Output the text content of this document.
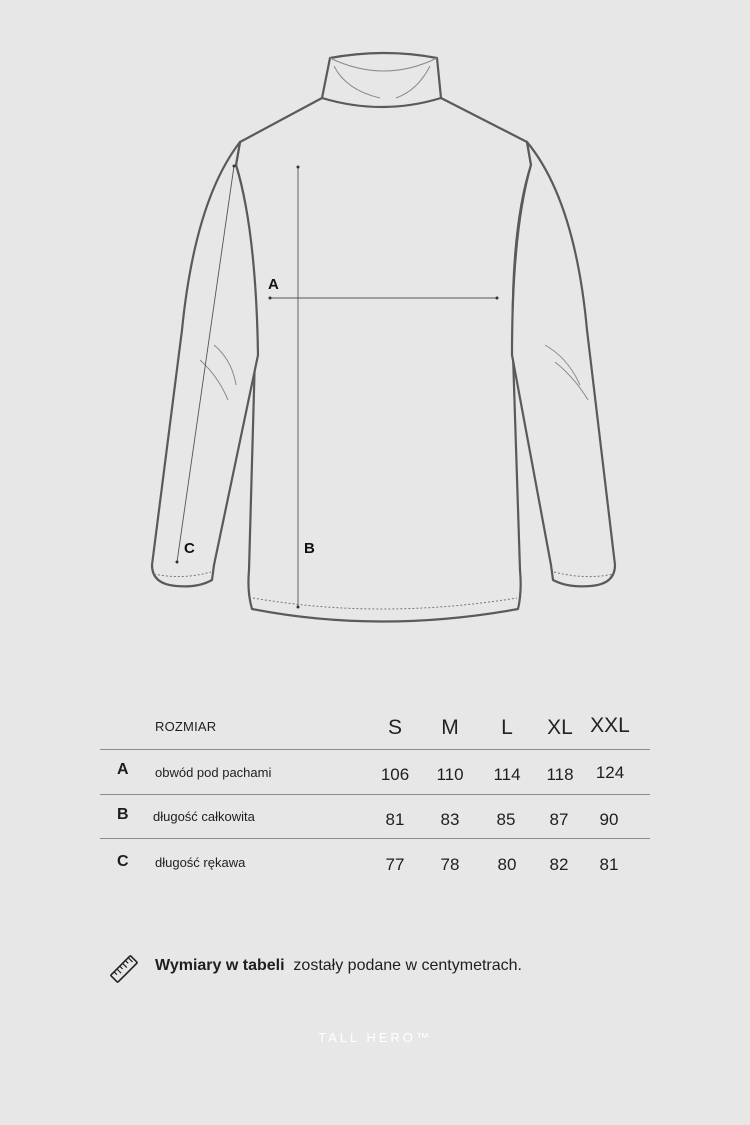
A
B
C
ROZMIAR	S	M	L	XL XXL
A obwód pod pachami	106	110	114	118	124
B długość całkowita	81	83	85	87	90
C długość rękawa	77	78	80	82	81
Wymiary w tabeli zostały podane w centymetrach.
TALL HERO™
